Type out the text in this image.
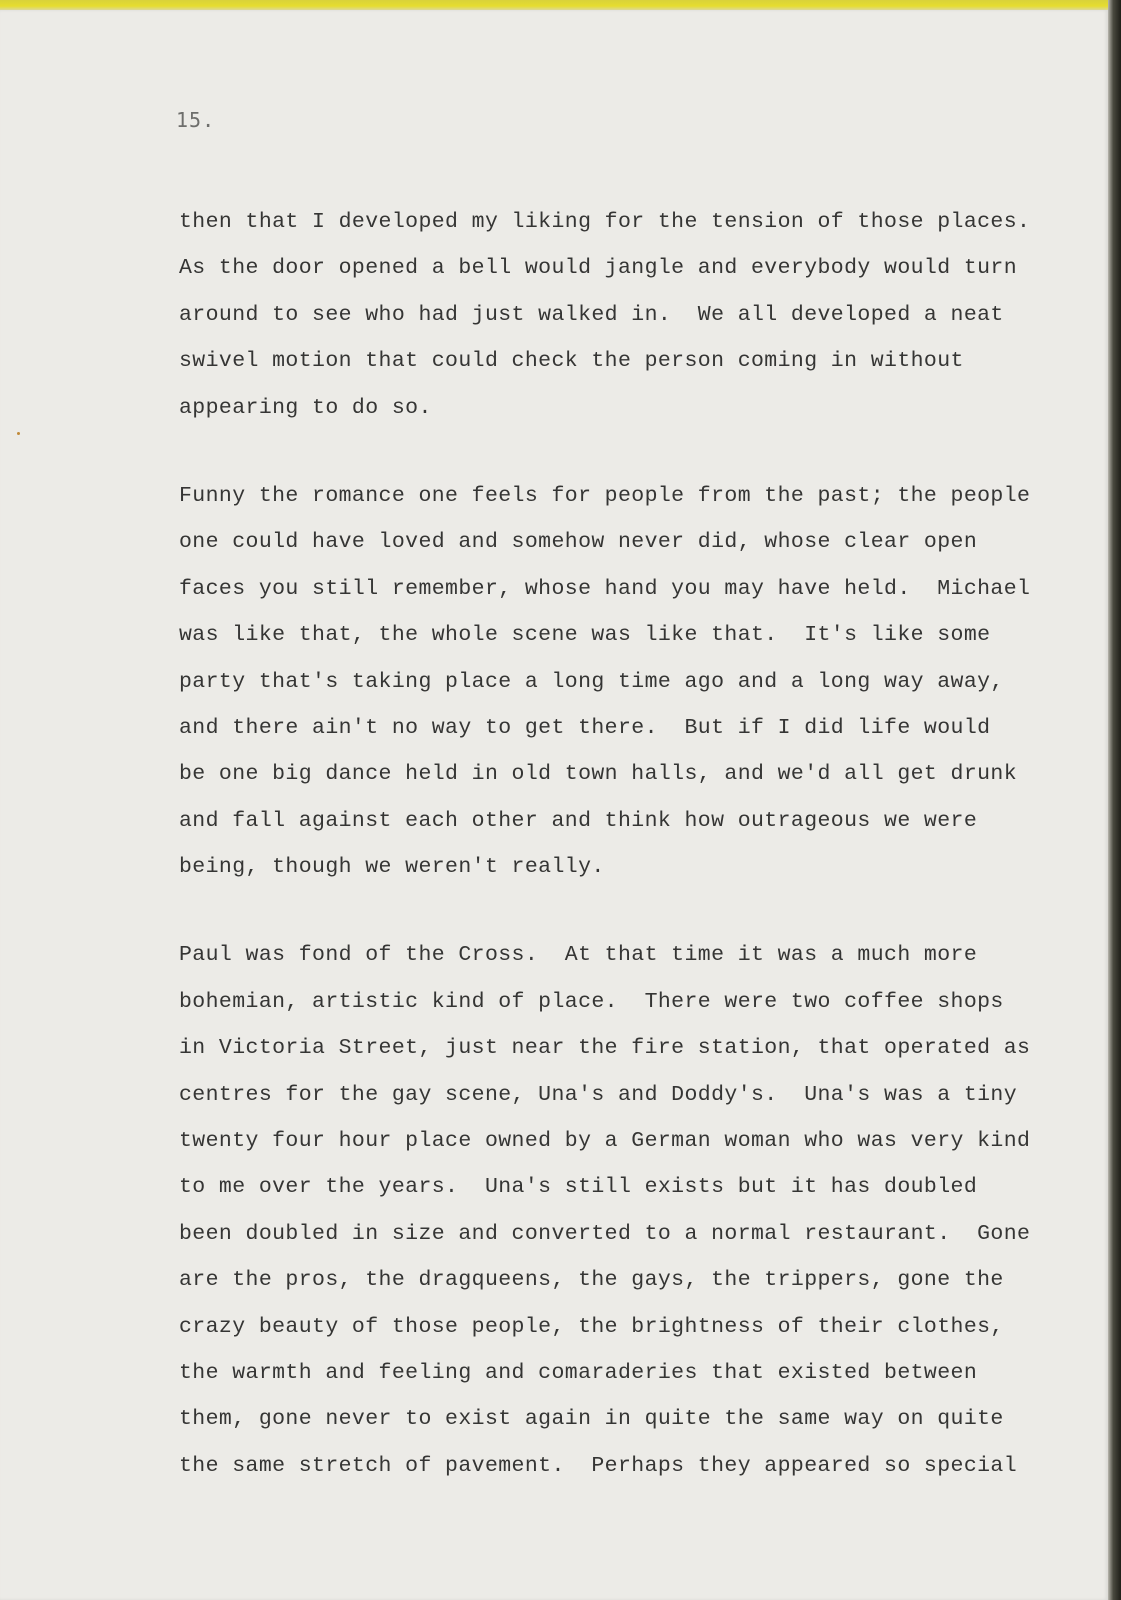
15.
then that I developed my liking for the tension of those places.
As the door opened a bell would jangle and everybody would turn
around to see who had just walked in.  We all developed a neat
swivel motion that could check the person coming in without
appearing to do so.
Funny the romance one feels for people from the past; the people
one could have loved and somehow never did, whose clear open
faces you still remember, whose hand you may have held.  Michael
was like that, the whole scene was like that.  It's like some
party that's taking place a long time ago and a long way away,
and there ain't no way to get there.  But if I did life would
be one big dance held in old town halls, and we'd all get drunk
and fall against each other and think how outrageous we were
being, though we weren't really.
Paul was fond of the Cross.  At that time it was a much more
bohemian, artistic kind of place.  There were two coffee shops
in Victoria Street, just near the fire station, that operated as
centres for the gay scene, Una's and Doddy's.  Una's was a tiny
twenty four hour place owned by a German woman who was very kind
to me over the years.  Una's still exists but it has doubled
been doubled in size and converted to a normal restaurant.  Gone
are the pros, the dragqueens, the gays, the trippers, gone the
crazy beauty of those people, the brightness of their clothes,
the warmth and feeling and comaraderies that existed between
them, gone never to exist again in quite the same way on quite
the same stretch of pavement.  Perhaps they appeared so special
